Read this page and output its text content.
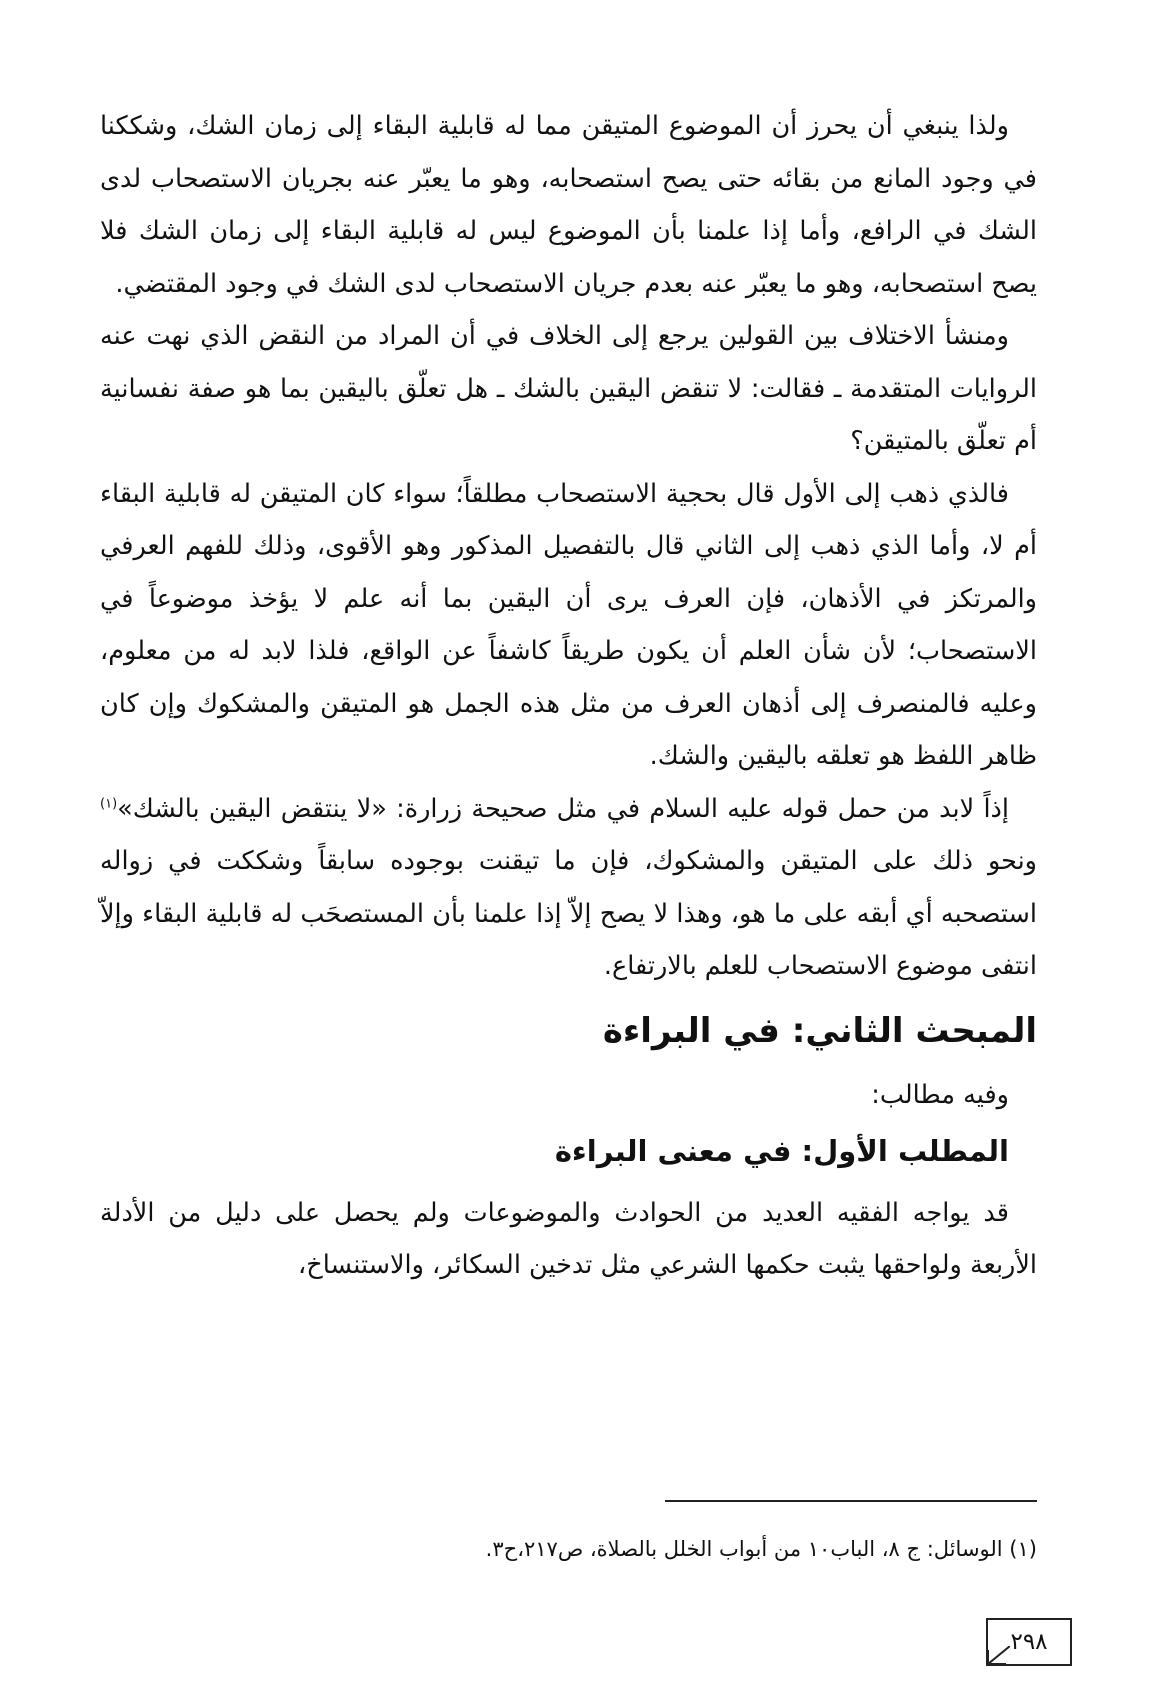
ولذا ينبغي أن يحرز أن الموضوع المتيقن مما له قابلية البقاء إلى زمان الشك، وشككنا في وجود المانع من بقائه حتى يصح استصحابه، وهو ما يعبّر عنه بجريان الاستصحاب لدى الشك في الرافع، وأما إذا علمنا بأن الموضوع ليس له قابلية البقاء إلى زمان الشك فلا يصح استصحابه، وهو ما يعبّر عنه بعدم جريان الاستصحاب لدى الشك في وجود المقتضي.

ومنشأ الاختلاف بين القولين يرجع إلى الخلاف في أن المراد من النقض الذي نهت عنه الروايات المتقدمة ـ فقالت: لا تنقض اليقين بالشك ـ هل تعلّق باليقين بما هو صفة نفسانية أم تعلّق بالمتيقن؟

فالذي ذهب إلى الأول قال بحجية الاستصحاب مطلقاً؛ سواء كان المتيقن له قابلية البقاء أم لا، وأما الذي ذهب إلى الثاني قال بالتفصيل المذكور وهو الأقوى، وذلك للفهم العرفي والمرتكز في الأذهان، فإن العرف يرى أن اليقين بما أنه علم لا يؤخذ موضوعاً في الاستصحاب؛ لأن شأن العلم أن يكون طريقاً كاشفاً عن الواقع، فلذا لابد له من معلوم، وعليه فالمنصرف إلى أذهان العرف من مثل هذه الجمل هو المتيقن والمشكوك وإن كان ظاهر اللفظ هو تعلقه باليقين والشك.

إذاً لابد من حمل قوله عليه السلام في مثل صحيحة زرارة: «لا ينتقض اليقين بالشك»$^{(١)}$ ونحو ذلك على المتيقن والمشكوك، فإن ما تيقنت بوجوده سابقاً وشككت في زواله استصحبه أي أبقه على ما هو، وهذا لا يصح إلاّ إذا علمنا بأن المستصحَب له قابلية البقاء وإلاّ انتفى موضوع الاستصحاب للعلم بالارتفاع.

المبحث الثاني: في البراءة
وفيه مطالب:
المطلب الأول: في معنى البراءة

قد يواجه الفقيه العديد من الحوادث والموضوعات ولم يحصل على دليل من الأدلة الأربعة ولواحقها يثبت حكمها الشرعي مثل تدخين السكائر، والاستنساخ،

(١) الوسائل: ج ٨، الباب١٠ من أبواب الخلل بالصلاة، ص٢١٧،ح٣.
٢٩٨
